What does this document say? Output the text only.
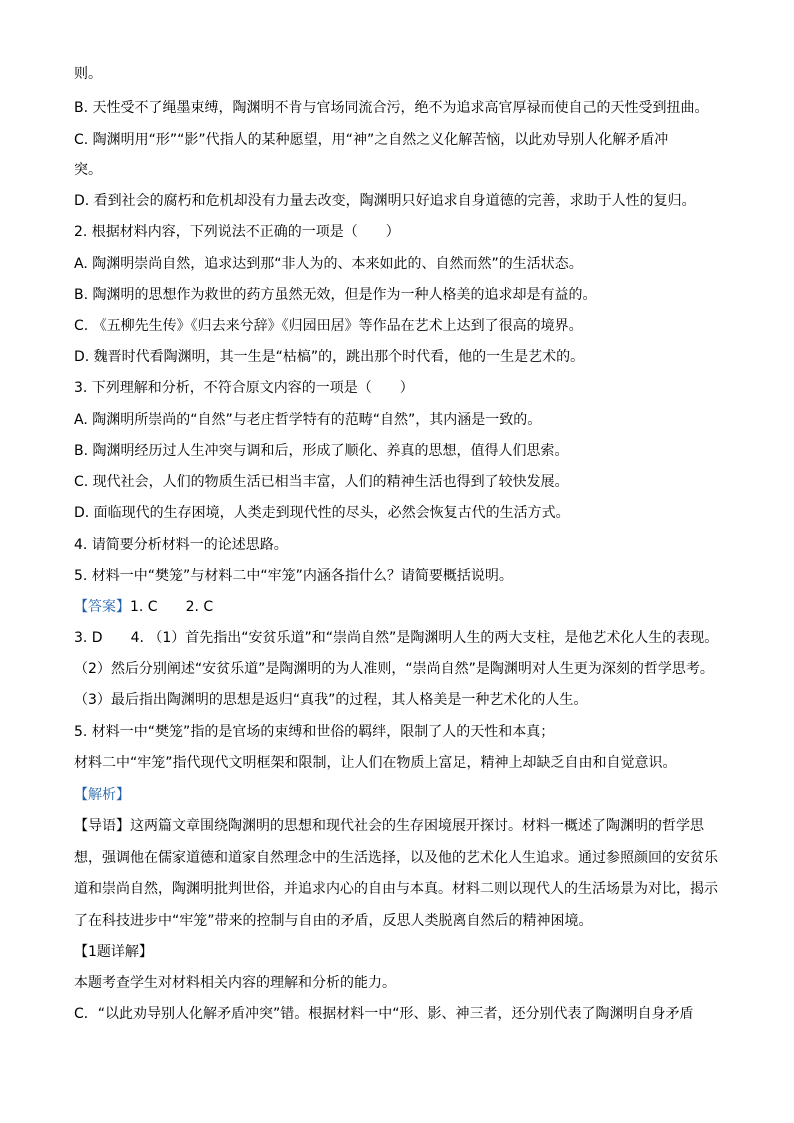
则。

B. 天性受不了绳墨束缚，陶渊明不肯与官场同流合污，绝不为追求高官厚禄而使自己的天性受到扭曲。

C. 陶渊明用“形”“影”代指人的某种愿望，用“神”之自然之义化解苦恼，以此劝导别人化解矛盾冲

突。

D. 看到社会的腐朽和危机却没有力量去改变，陶渊明只好追求自身道德的完善，求助于人性的复归。

2. 根据材料内容，下列说法不正确的一项是（　　）

A. 陶渊明崇尚自然，追求达到那“非人为的、本来如此的、自然而然”的生活状态。

B. 陶渊明的思想作为救世的药方虽然无效，但是作为一种人格美的追求却是有益的。

C. 《五柳先生传》《归去来兮辞》《归园田居》等作品在艺术上达到了很高的境界。

D. 魏晋时代看陶渊明，其一生是“枯槁”的，跳出那个时代看，他的一生是艺术的。

3. 下列理解和分析，不符合原文内容的一项是（　　）

A. 陶渊明所崇尚的“自然”与老庄哲学特有的范畴“自然”，其内涵是一致的。

B. 陶渊明经历过人生冲突与调和后，形成了顺化、养真的思想，值得人们思索。

C. 现代社会，人们的物质生活已相当丰富，人们的精神生活也得到了较快发展。

D. 面临现代的生存困境，人类走到现代性的尽头，必然会恢复古代的生活方式。

4. 请简要分析材料一的论述思路。

5. 材料一中“樊笼”与材料二中“牢笼”内涵各指什么？请简要概括说明。

【答案】1. C　　2. C

3. D　　4. （1）首先指出“安贫乐道”和“崇尚自然”是陶渊明人生的两大支柱，是他艺术化人生的表现。

（2）然后分别阐述“安贫乐道”是陶渊明的为人准则，“崇尚自然”是陶渊明对人生更为深刻的哲学思考。

（3）最后指出陶渊明的思想是返归“真我”的过程，其人格美是一种艺术化的人生。

5. 材料一中“樊笼”指的是官场的束缚和世俗的羁绊，限制了人的天性和本真；

材料二中“牢笼”指代现代文明框架和限制，让人们在物质上富足，精神上却缺乏自由和自觉意识。

【解析】

【导语】这两篇文章围绕陶渊明的思想和现代社会的生存困境展开探讨。材料一概述了陶渊明的哲学思

想，强调他在儒家道德和道家自然理念中的生活选择，以及他的艺术化人生追求。通过参照颜回的安贫乐

道和崇尚自然，陶渊明批判世俗，并追求内心的自由与本真。材料二则以现代人的生活场景为对比，揭示

了在科技进步中“牢笼”带来的控制与自由的矛盾，反思人类脱离自然后的精神困境。

【1题详解】

本题考查学生对材料相关内容的理解和分析的能力。

C．“以此劝导别人化解矛盾冲突”错。根据材料一中“形、影、神三者，还分别代表了陶渊明自身矛盾
